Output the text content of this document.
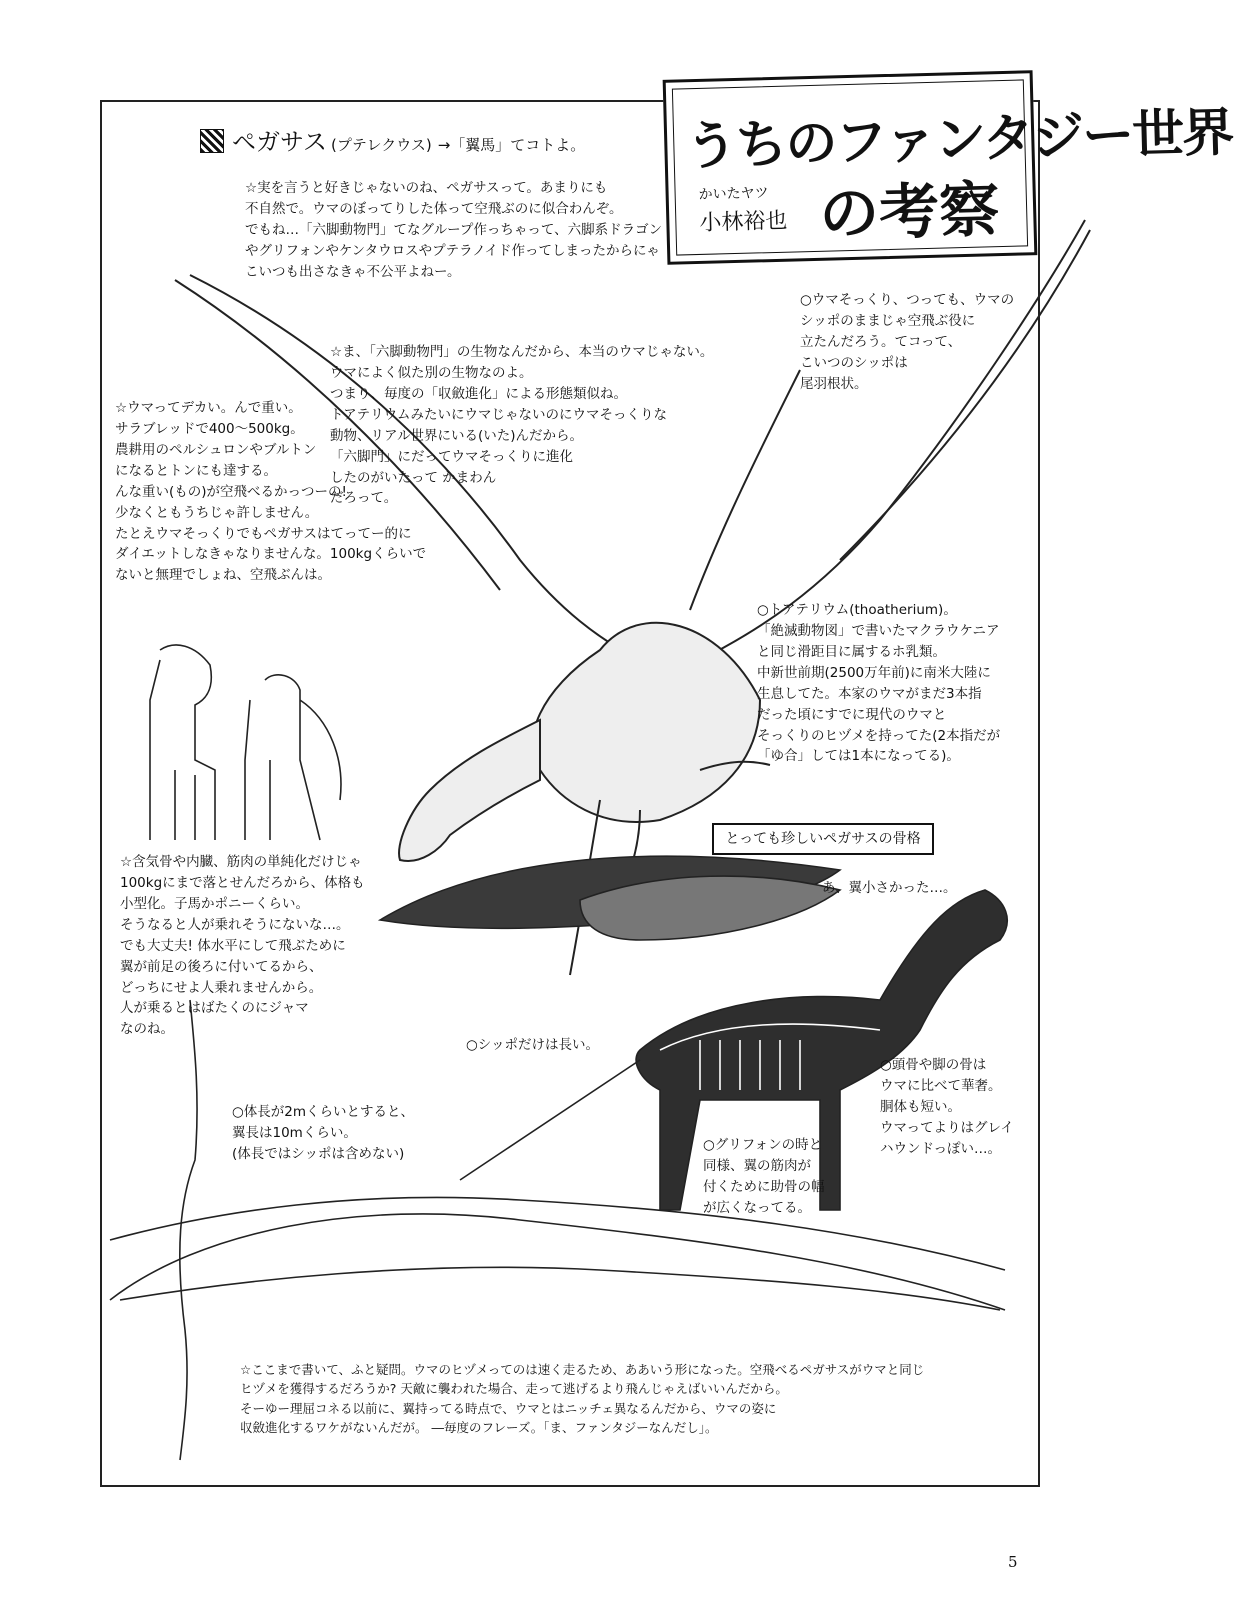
うちのファンタジー世界
の考察
かいたヤツ
小林裕也
ペガサス (プテレクウス) →「翼馬」てコトよ。
☆実を言うと好きじゃないのね、ペガサスって。あまりにも
不自然で。ウマのぼってりした体って空飛ぶのに似合わんぞ。
でもね…「六脚動物門」てなグループ作っちゃって、六脚系ドラゴン
やグリフォンやケンタウロスやプテラノイド作ってしまったからにゃ
こいつも出さなきゃ不公平よねー。
☆ま、「六脚動物門」の生物なんだから、本当のウマじゃない。
ウマによく似た別の生物なのよ。
つまり、毎度の「収斂進化」による形態類似ね。
トアテリウムみたいにウマじゃないのにウマそっくりな
動物、リアル世界にいる(いた)んだから。
「六脚門」にだってウマそっくりに進化
したのがいたって かまわん
だろって。
☆ウマってデカい。んで重い。
サラブレッドで400〜500kg。
農耕用のペルシュロンやブルトン
になるとトンにも達する。
んな重い(もの)が空飛べるかっつーの!
少なくともうちじゃ許しません。
たとえウマそっくりでもペガサスはてってー的に
ダイエットしなきゃなりませんな。100kgくらいで
ないと無理でしょね、空飛ぶんは。
○ウマそっくり、つっても、ウマの
シッポのままじゃ空飛ぶ役に
立たんだろう。てコって、
こいつのシッポは
尾羽根状。
○トアテリウム(thoatherium)。
「絶滅動物図」で書いたマクラウケニア
と同じ滑距目に属するホ乳類。
中新世前期(2500万年前)に南米大陸に
生息してた。本家のウマがまだ3本指
だった頃にすでに現代のウマと
そっくりのヒヅメを持ってた(2本指だが
「ゆ合」しては1本になってる)。
とっても珍しいペガサスの骨格
☆含気骨や内臓、筋肉の単純化だけじゃ
100kgにまで落とせんだろから、体格も
小型化。子馬かポニーくらい。
そうなると人が乗れそうにないな…。
でも大丈夫! 体水平にして飛ぶために
翼が前足の後ろに付いてるから、
どっちにせよ人乗れませんから。
人が乗るとはばたくのにジャマ
なのね。
あ、翼小さかった…。
○シッポだけは長い。
○頭骨や脚の骨は
ウマに比べて華奢。
胴体も短い。
ウマってよりはグレイ
ハウンドっぽい…。
○体長が2mくらいとすると、
翼長は10mくらい。
(体長ではシッポは含めない)
○グリフォンの時と
同様、翼の筋肉が
付くために助骨の幅
が広くなってる。
☆ここまで書いて、ふと疑問。ウマのヒヅメってのは速く走るため、ああいう形になった。空飛べるペガサスがウマと同じ
ヒヅメを獲得するだろうか? 天敵に襲われた場合、走って逃げるより飛んじゃえばいいんだから。
そーゆー理屈コネる以前に、翼持ってる時点で、ウマとはニッチェ異なるんだから、ウマの姿に
収斂進化するワケがないんだが。 ―毎度のフレーズ。「ま、ファンタジーなんだし」。
5
